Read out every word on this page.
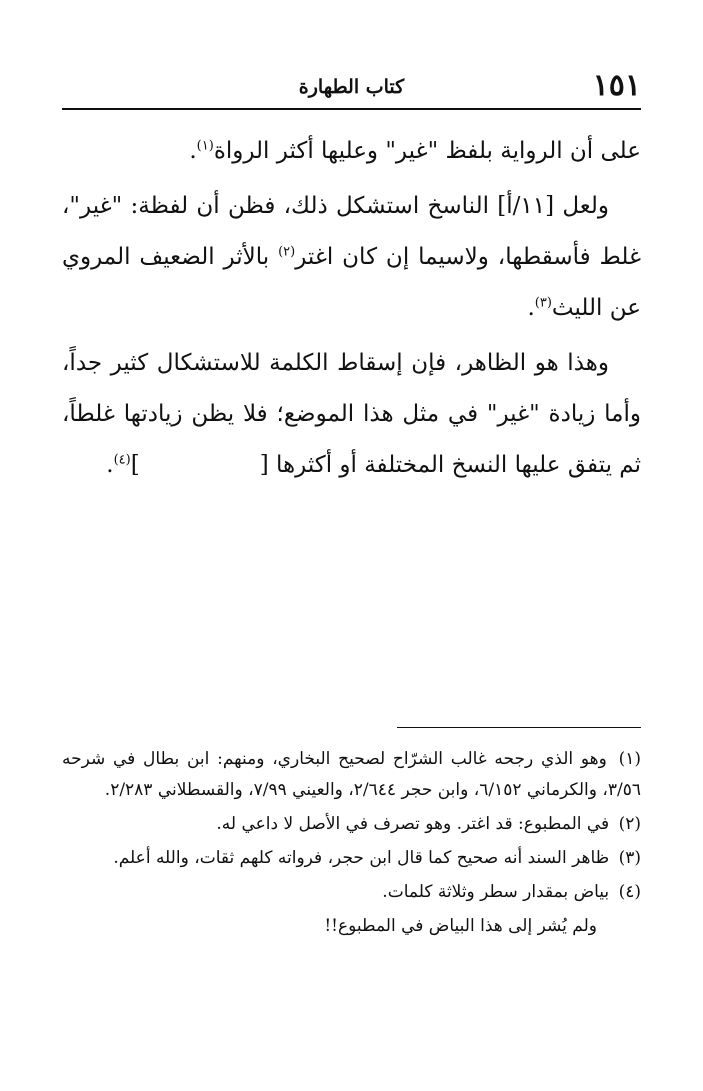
١٥١
كتاب الطهارة

على أن الرواية بلفظ "غير" وعليها أكثر الرواة$^{(١)}$.

ولعل [١١/أ] الناسخ استشكل ذلك، فظن أن لفظة: "غير"، غلط فأسقطها، ولاسيما إن كان اغتر$^{(٢)}$ بالأثر الضعيف المروي عن الليث$^{(٣)}$.

وهذا هو الظاهر، فإن إسقاط الكلمة للاستشكال كثير جداً، وأما زيادة "غير" في مثل هذا الموضع؛ فلا يظن زيادتها غلطاً، ثم يتفق عليها النسخ المختلفة أو أكثرها []$^{(٤)}$.

(١) وهو الذي رجحه غالب الشرّاح لصحيح البخاري، ومنهم: ابن بطال في شرحه ٣/٥٦، والكرماني ٦/١٥٢، وابن حجر ٢/٦٤٤، والعيني ٧/٩٩، والقسطلاني ٢/٢٨٣.

(٢) في المطبوع: قد اغتر. وهو تصرف في الأصل لا داعي له.

(٣) ظاهر السند أنه صحيح كما قال ابن حجر، فرواته كلهم ثقات، والله أعلم.

(٤) بياض بمقدار سطر وثلاثة كلمات.

ولم يُشر إلى هذا البياض في المطبوع!!
